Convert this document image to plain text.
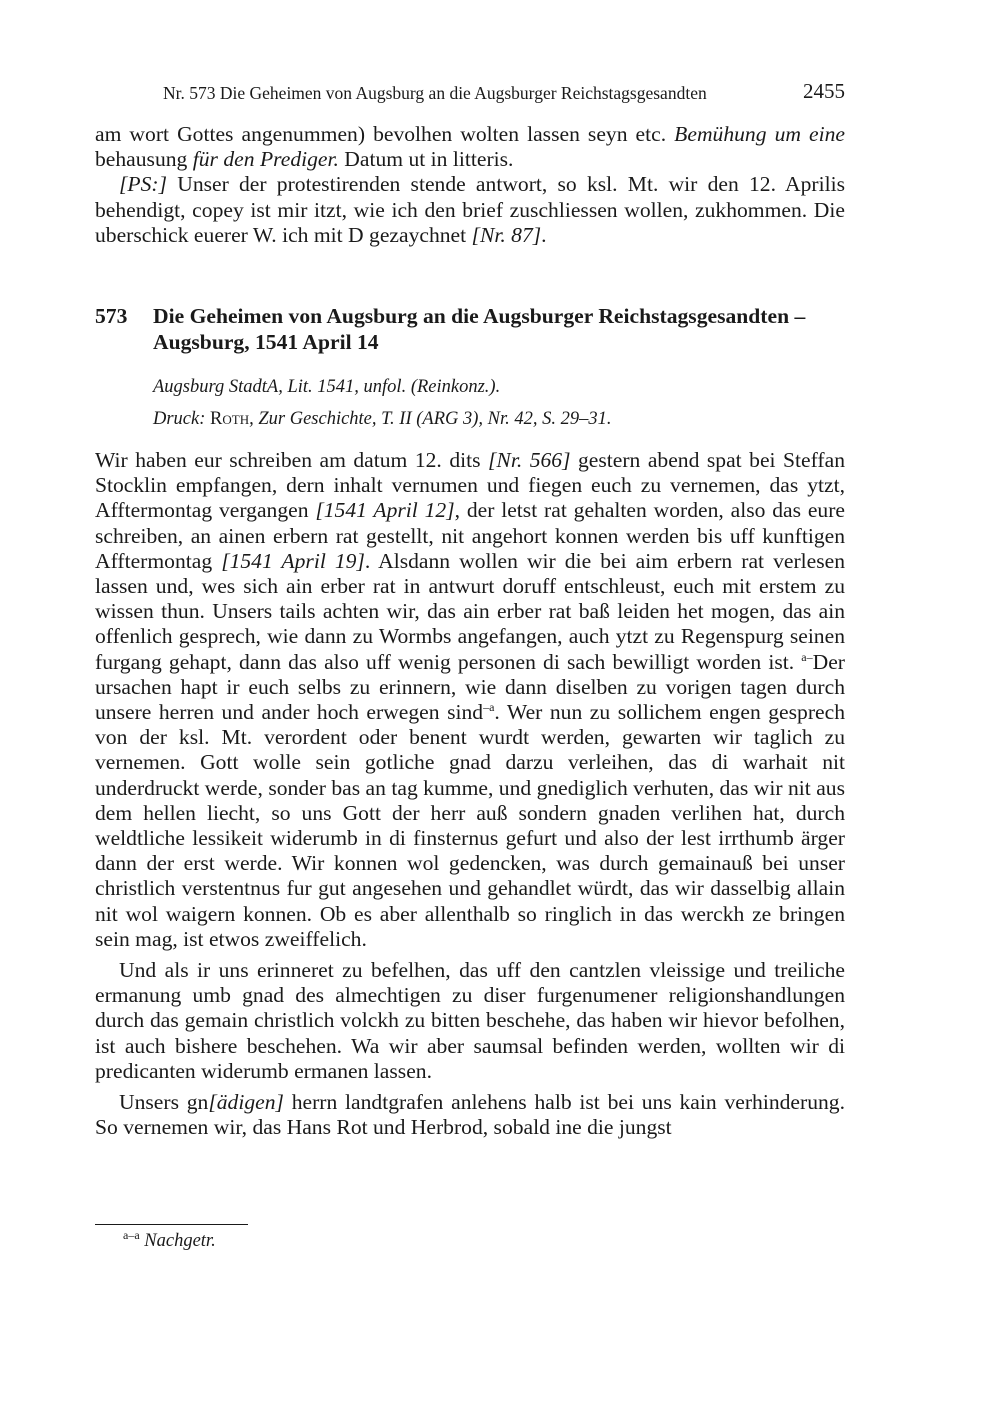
Nr. 573 Die Geheimen von Augsburg an die Augsburger Reichstagsgesandten	2455

am wort Gottes angenummen) bevolhen wolten lassen seyn etc. Bemühung um eine behausung für den Prediger. Datum ut in litteris.

[PS:] Unser der protestirenden stende antwort, so ksl. Mt. wir den 12. Aprilis behendigt, copey ist mir itzt, wie ich den brief zuschliessen wollen, zukhommen. Die uberschick euerer W. ich mit D gezaychnet [Nr. 87].

573 Die Geheimen von Augsburg an die Augsburger Reichstagsgesandten – Augsburg, 1541 April 14
Augsburg StadtA, Lit. 1541, unfol. (Reinkonz.).
Druck: Roth, Zur Geschichte, T. II (ARG 3), Nr. 42, S. 29–31.

Wir haben eur schreiben am datum 12. dits [Nr. 566] gestern abend spat bei Steffan Stocklin empfangen, dern inhalt vernumen und fiegen euch zu vernemen, das ytzt, Afftermontag vergangen [1541 April 12], der letst rat gehalten worden, also das eure schreiben, an ainen erbern rat gestellt, nit angehort konnen werden bis uff kunftigen Afftermontag [1541 April 19]. Alsdann wollen wir die bei aim erbern rat verlesen lassen und, wes sich ain erber rat in antwurt doruff entschleust, euch mit erstem zu wissen thun. Unsers tails achten wir, das ain erber rat baß leiden het mogen, das ain offenlich gesprech, wie dann zu Wormbs angefangen, auch ytzt zu Regenspurg seinen furgang gehapt, dann das also uff wenig personen di sach bewilligt worden ist. $^{a-}$Der ursachen hapt ir euch selbs zu erinnern, wie dann diselben zu vorigen tagen durch unsere herren und ander hoch erwegen sind$^{-a}$. Wer nun zu sollichem engen gesprech von der ksl. Mt. verordent oder benent wurdt werden, gewarten wir taglich zu vernemen. Gott wolle sein gotliche gnad darzu verleihen, das di warhait nit underdruckt werde, sonder bas an tag kumme, und gnediglich verhuten, das wir nit aus dem hellen liecht, so uns Gott der herr auß sondern gnaden verlihen hat, durch weldtliche lessikeit widerumb in di finsternus gefurt und also der lest irrthumb ärger dann der erst werde. Wir konnen wol gedencken, was durch gemainauß bei unser christlich verstentnus fur gut angesehen und gehandlet würdt, das wir dasselbig allain nit wol waigern konnen. Ob es aber allenthalb so ringlich in das werckh ze bringen sein mag, ist etwos zweiffelich.

Und als ir uns erinneret zu befelhen, das uff den cantzlen vleissige und treiliche ermanung umb gnad des almechtigen zu diser furgenumener religionshandlungen durch das gemain christlich volckh zu bitten beschehe, das haben wir hievor befolhen, ist auch bishere beschehen. Wa wir aber saumsal befinden werden, wollten wir di predicanten widerumb ermanen lassen.

Unsers gn[ädigen] herrn landtgrafen anlehens halb ist bei uns kain verhinderung. So vernemen wir, das Hans Rot und Herbrod, sobald ine die jungst

$^{a-a}$ Nachgetr.
